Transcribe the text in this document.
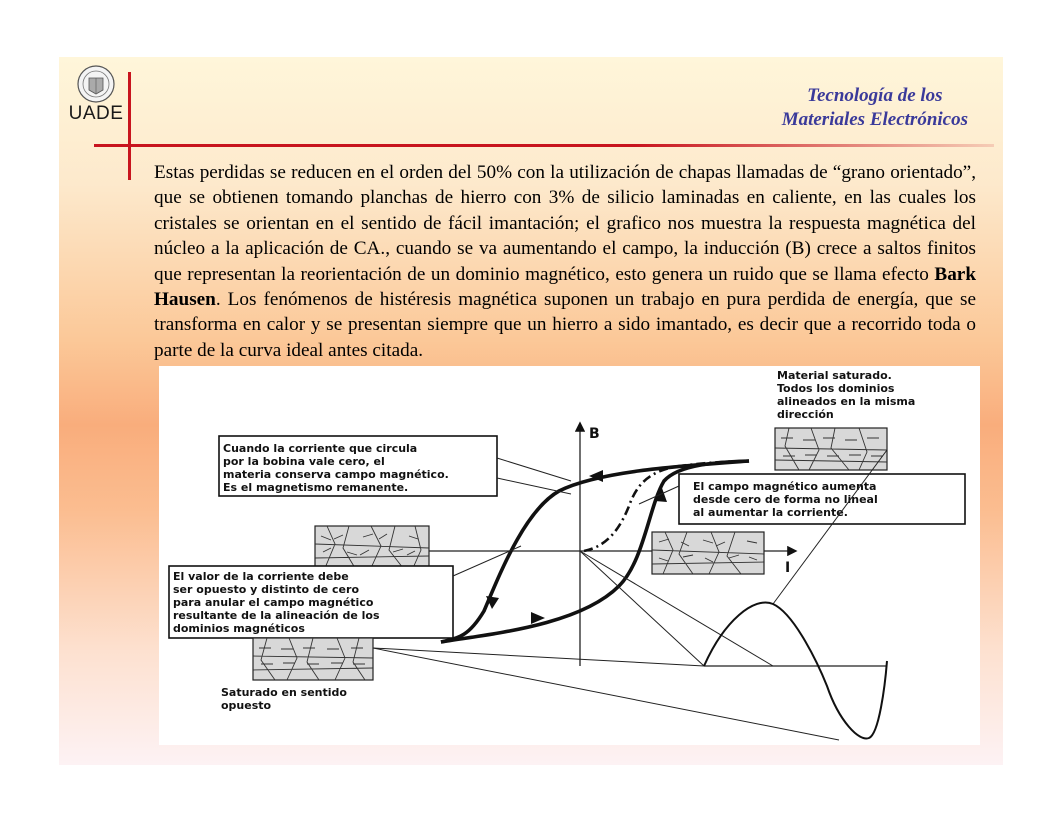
UADE
Tecnología de los
Materiales Electrónicos
Estas perdidas se reducen en el orden del 50% con la utilización de chapas llamadas de “grano orientado”, que se obtienen tomando planchas de hierro con 3% de silicio laminadas en caliente, en las cuales los cristales se orientan en el sentido de fácil imantación; el grafico nos muestra la respuesta magnética del núcleo a la aplicación de CA., cuando se va aumentando el campo, la inducción (B) crece a saltos finitos que representan la reorientación de un dominio magnético, esto genera un ruido que se llama efecto Bark Hausen. Los fenómenos de histéresis magnética suponen un trabajo en pura perdida de energía, que se transforma en calor y se presentan siempre que un hierro a sido imantado, es decir que a recorrido toda o parte de la curva ideal antes citada.
B
I
Material saturado. Todos los dominios alineados en la misma dirección
Cuando la corriente que circula por la bobina vale cero, el materia conserva campo magnético. Es el magnetismo remanente.	El campo magnético aumenta desde cero de forma no lineal al aumentar la corriente.
El valor de la corriente debe ser opuesto y distinto de cero para anular el campo magnético resultante de la alineación de los dominios magnéticos
Saturado en sentido opuesto
